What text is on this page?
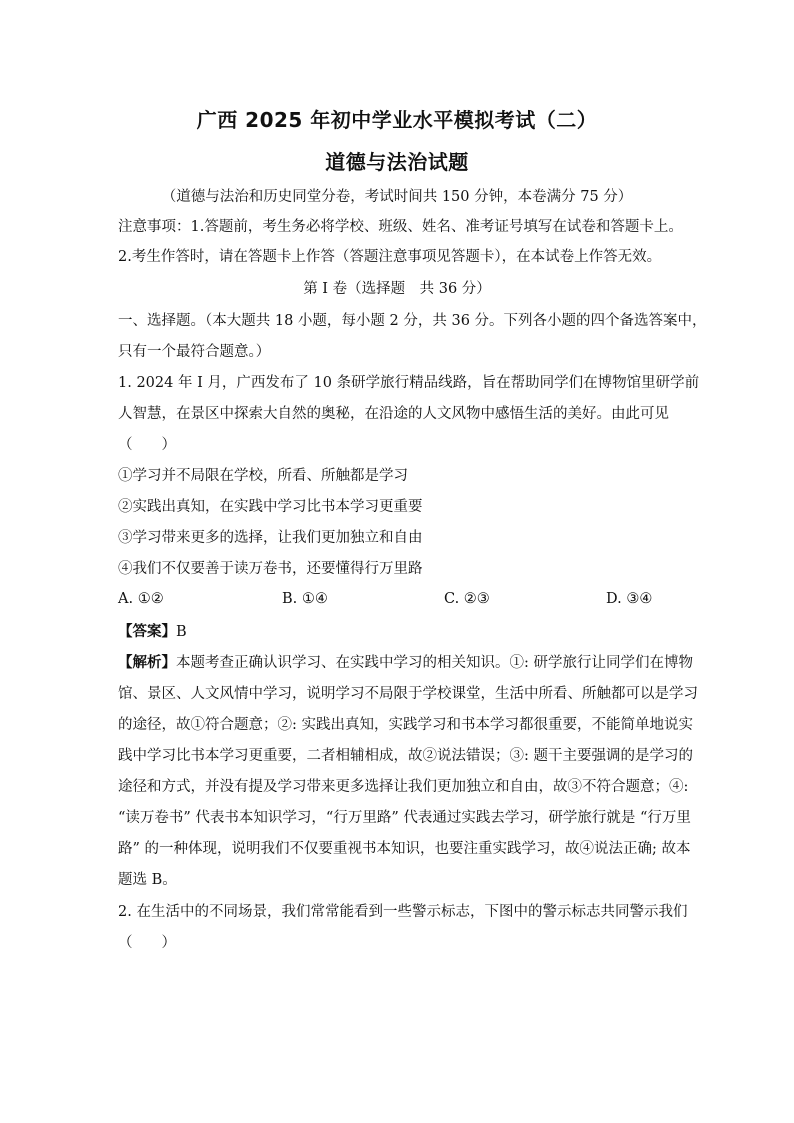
广西 2025 年初中学业水平模拟考试（二）
道德与法治试题
（道德与法治和历史同堂分卷，考试时间共 150 分钟，本卷满分 75 分）
注意事项：1.答题前，考生务必将学校、班级、姓名、准考证号填写在试卷和答题卡上。
2.考生作答时，请在答题卡上作答（答题注意事项见答题卡），在本试卷上作答无效。
第 I 卷（选择题　共 36 分）
一、选择题。（本大题共 18 小题，每小题 2 分，共 36 分。下列各小题的四个备选答案中，
只有一个最符合题意。）
1. 2024 年 I 月，广西发布了 10 条研学旅行精品线路，旨在帮助同学们在博物馆里研学前
人智慧，在景区中探索大自然的奥秘，在沿途的人文风物中感悟生活的美好。由此可见
（　　）
①学习并不局限在学校，所看、所触都是学习
②实践出真知，在实践中学习比书本学习更重要
③学习带来更多的选择，让我们更加独立和自由
④我们不仅要善于读万卷书，还要懂得行万里路
A. ①②	B. ①④	C. ②③	D. ③④
【答案】B
【解析】本题考查正确认识学习、在实践中学习的相关知识。①: 研学旅行让同学们在博物
馆、景区、人文风情中学习，说明学习不局限于学校课堂，生活中所看、所触都可以是学习
的途径，故①符合题意；②: 实践出真知，实践学习和书本学习都很重要，不能简单地说实
践中学习比书本学习更重要，二者相辅相成，故②说法错误；③: 题干主要强调的是学习的
途径和方式，并没有提及学习带来更多选择让我们更加独立和自由，故③不符合题意；④:
“读万卷书” 代表书本知识学习，“行万里路” 代表通过实践去学习，研学旅行就是 “行万里
路” 的一种体现，说明我们不仅要重视书本知识，也要注重实践学习，故④说法正确; 故本
题选 B。
2. 在生活中的不同场景，我们常常能看到一些警示标志，下图中的警示标志共同警示我们
（　　）
